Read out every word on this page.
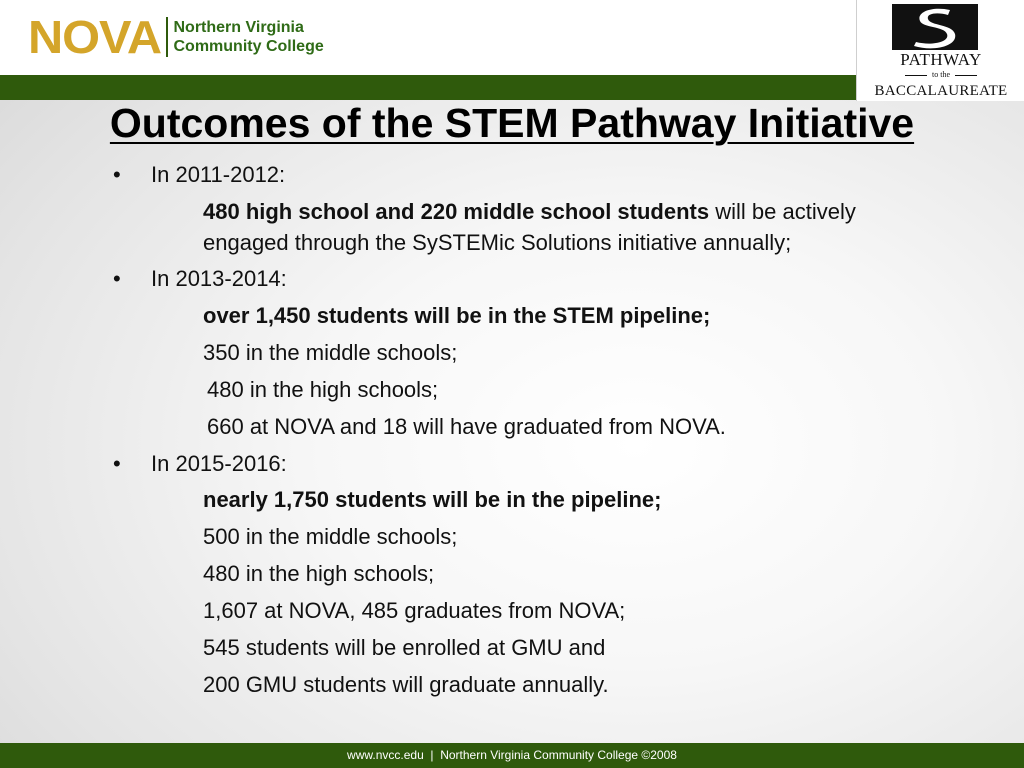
NOVA Northern Virginia
Community College
PATHWAY
to the
BACCALAUREATE
Outcomes of the STEM Pathway Initiative
• In 2011-2012:
480 high school and 220 middle school students will be actively
engaged through the SySTEMic Solutions initiative annually;
• In 2013-2014:
over 1,450 students will be in the STEM pipeline;
350 in the middle schools;
480 in the high schools;
660 at NOVA and 18 will have graduated from NOVA.
• In 2015-2016:
nearly 1,750 students will be in the pipeline;
500 in the middle schools;
480 in the high schools;
1,607 at NOVA, 485 graduates from NOVA;
545 students will be enrolled at GMU and
200 GMU students will graduate annually.
www.nvcc.edu  |  Northern Virginia Community College ©2008
